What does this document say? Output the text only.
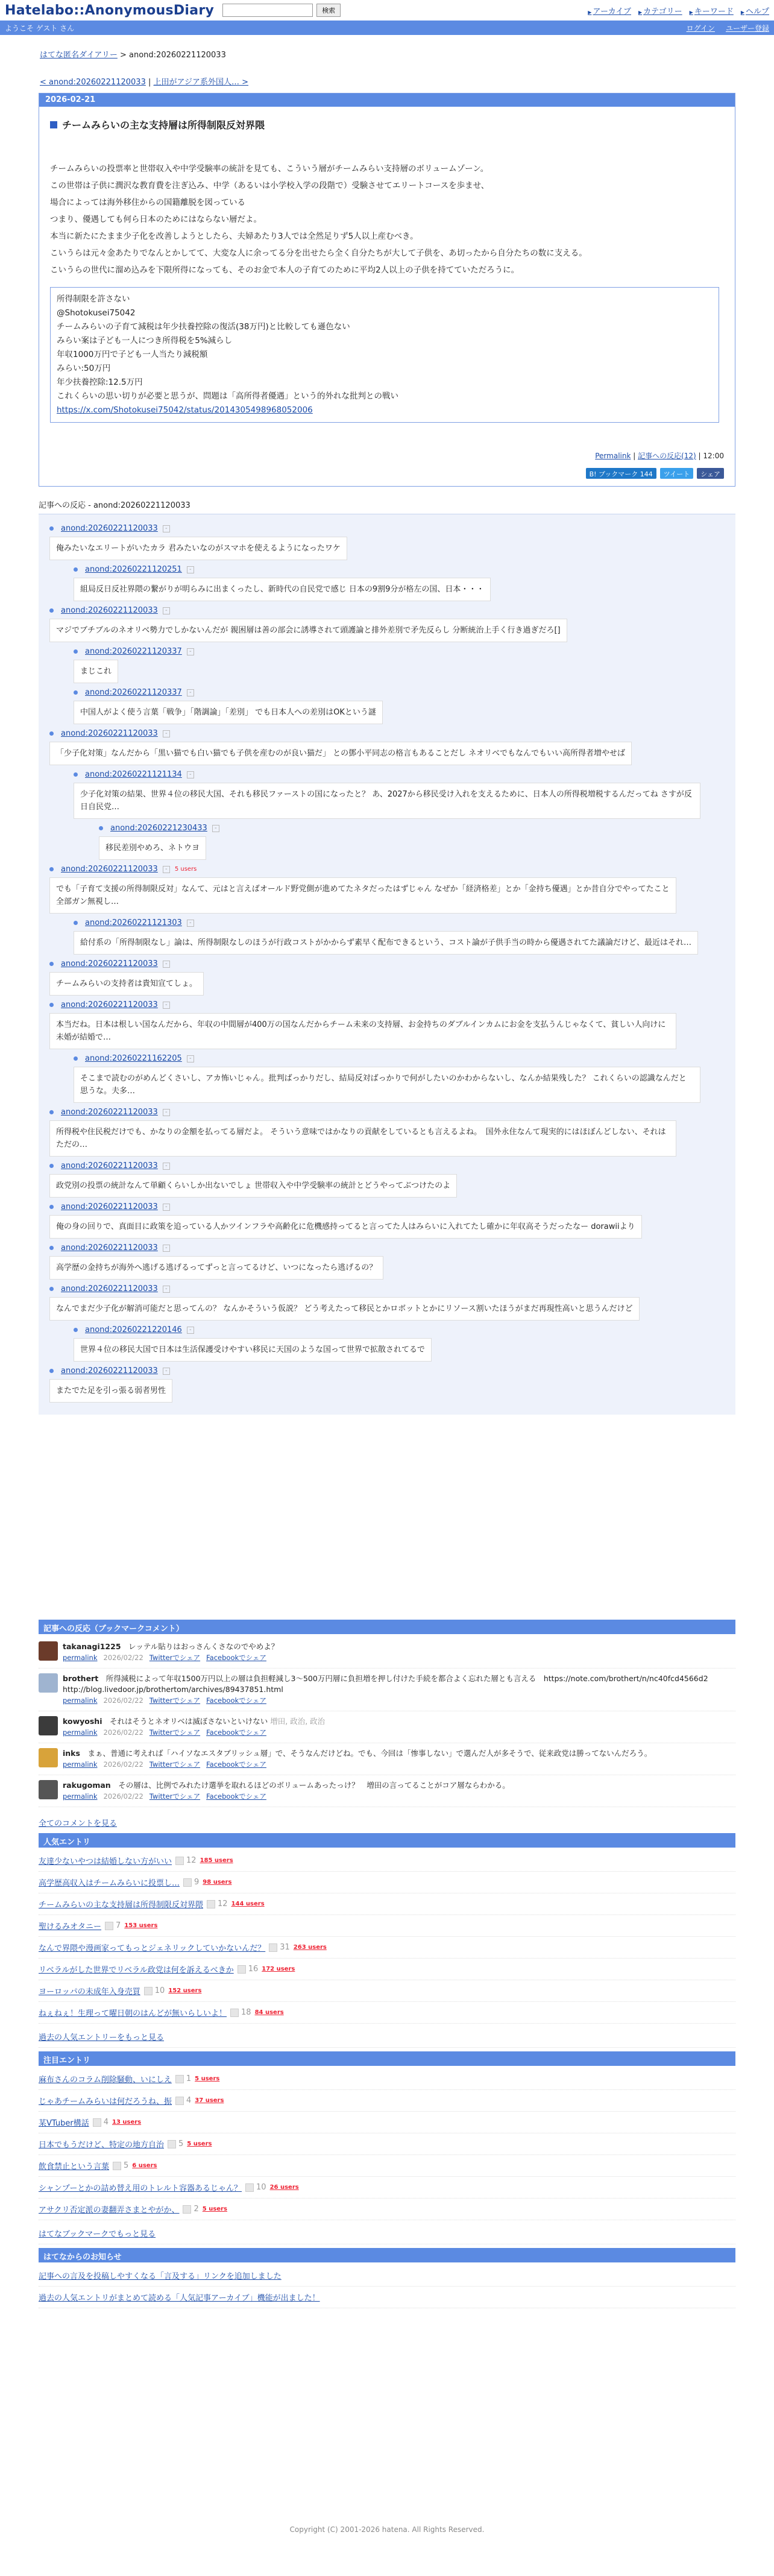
Hatelabo::AnonymousDiary	検索	▶ アーカイブ	▶ カテゴリー	▶ キーワード	▶ ヘルプ
ようこそ ゲスト さん	ログイン ユーザー登録
はてな匿名ダイアリー > anond:20260221120033
< anond:20260221120033 | 上田がアジア系外国人… >
2026-02-21
チームみらいの主な支持層は所得制限反対界隈

チームみらいの投票率と世帯収入や中学受験率の統計を見ても、こういう層がチームみらい支持層のボリュームゾーン。

この世帯は子供に潤沢な教育費を注ぎ込み、中学（あるいは小学校入学の段階で）受験させてエリートコースを歩ませ、

場合によっては海外移住からの国籍離脱を図っている

つまり、優遇しても何ら日本のためにはならない層だよ。

本当に新たにたまま少子化を改善しようとしたら、夫婦あたり3人では全然足りず5人以上産むべき。

こいうらは元々金あたりでなんとかしてて、大変な人に余ってる分を出せたら全く自分たちが大して子供を、あ切ったから自分たちの数に支える。

こいうらの世代に溜め込みを下限所得になっても、そのお金で本人の子育てのために平均2人以上の子供を持てていただろうに。

所得制限を許さない
@Shotokusei75042
チームみらいの子育て減税は年少扶養控除の復活(38万円)と比較しても遜色ない
みらい案は子ども一人につき所得税を5%減らし
年収1000万円で子ども一人当たり減税額
みらい:50万円
年少扶養控除:12.5万円
これくらいの思い切りが必要と思うが、問題は「高所得者優遇」という的外れな批判との戦い
https://x.com/Shotokusei75042/status/2014305498968052006
Permalink | 記事への反応(12) | 12:00
B! ブックマーク 144	ツイート	シェア
記事への反応 - anond:20260221120033
anond:20260221120033	-
俺みたいなエリートがいたカラ 君みたいなのがスマホを使えるようになったワケ
anond:20260221120251	-
組局反日反社界隈の繋がりが明らみに出まくったし、新時代の自民党で感じ 日本の9割9分が格左の国、日本・・・
anond:20260221120033	-
マジでブチブルのネオリベ勢力でしかないんだが 親困層は善の部会に誘導されて頭護論と排外差別で矛先反らし 分断統治上手く行き過ぎだろ[]
anond:20260221120337	-
まじこれ
anond:20260221120337	-
中国人がよく使う言葉「戦争」「階調論」「差別」 でも日本人への差別はOKという謎
anond:20260221120033	-
「少子化対策」なんだから「黒い猫でも白い猫でも子供を産むのが良い猫だ」 との鄧小平同志の格言もあることだし ネオリベでもなんでもいい高所得者増やせば
anond:20260221121134	-
少子化対策の結果、世界４位の移民大国、それも移民ファーストの国になったと？ あ、2027から移民受け入れを支えるために、日本人の所得税増税するんだってね さすが反日自民党…
anond:20260221230433	-
移民差別やめろ、ネトウヨ
anond:20260221120033	-	5 users
でも「子育て支援の所得制限反対」なんて、元はと言えばオールド野党側が進めてたネタだったはずじゃん なぜか「経済格差」とか「金持ち優遇」とか昔自分でやってたこと全部ガン無視し…
anond:20260221121303	-
給付系の「所得制限なし」論は、所得制限なしのほうが行政コストがかからず素早く配布できるという、コスト論が子供手当の時から優遇されてた議論だけど、最近はそれ…
anond:20260221120033	-
チームみらいの支持者は貴知宣てしょ。
anond:20260221120033	-
本当だね。日本は根しい国なんだから、年収の中間層が400万の国なんだからチーム未来の支持層、お金持ちのダブルインカムにお金を支払うんじゃなくて、貧しい人向けに未婚が結婚で…
anond:20260221162205	-
そこまで読むのがめんどくさいし、アカ怖いじゃん。批判ばっかりだし、結局反対ばっかりで何がしたいのかわからないし、なんか結果残した？ これくらいの認識なんだと思うな。夫多…
anond:20260221120033	-
所得税や住民税だけでも、かなりの金額を払ってる層だよ。 そういう意味ではかなりの貢献をしているとも言えるよね。　国外永住なんて現実的にはほぼんどしない、それはただの…
anond:20260221120033	-
政党別の投票の統計なんて単顧くらいしか出ないでしょ 世帯収入や中学受験率の統計とどうやってぶつけたのよ
anond:20260221120033	-
俺の身の回りで、真面目に政策を追っている人かツインフラや高齢化に危機感持ってると言ってた人はみらいに入れてたし確かに年収高そうだったなー dorawiiより
anond:20260221120033	-
高学歴の金持ちが海外へ逃げる逃げるってずっと言ってるけど、いつになったら逃げるの？
anond:20260221120033	-
なんでまだ少子化が解消可能だと思ってんの？ なんかそういう仮説？ どう考えたって移民とかロボットとかにリソース割いたほうがまだ再現性高いと思うんだけど
anond:20260221220146	-
世界４位の移民大国で日本は生活保護受けやすい移民に天国のような国って世界で拡散されてるで
anond:20260221120033	-
またでた足を引っ張る弱者男性
記事への反応（ブックマークコメント）
takanagi1225　 レッテル貼りはおっさんくさなのでやめよ？
permalink 2026/02/22 Twitterでシェア Facebookでシェア
brothert　 所得減税によって年収1500万円以上の層は負担軽減し3〜500万円層に負担増を押し付けた手続を都合よく忘れた層とも言える　https://note.com/brothert/n/nc40fcd4566d2　http://blog.livedoor.jp/brothertom/archives/89437851.html
permalink 2026/02/22 Twitterでシェア Facebookでシェア
kowyoshi　 それはそうとネオリベは滅ぼさないといけない 増田, 政治, 政治
permalink 2026/02/22 Twitterでシェア Facebookでシェア
inks　 まぁ、普通に考えれば「ハイソなエスタブリッシュ層」で、そうなんだけどね。でも、今回は「惨事しない」で選んだ人が多そうで、従来政党は勝ってないんだろう。
permalink 2026/02/22 Twitterでシェア Facebookでシェア
rakugoman　 その層は、比例でみれたけ選挙を取れるほどのボリュームあったっけ？　増田の言ってることがコア層ならわかる。
permalink 2026/02/22 Twitterでシェア Facebookでシェア
全てのコメントを見る
人気エントリ
友達少ないやつは結婚しない方がいい 12 185 users
高学歴高収入はチームみらいに投票し… 9 98 users
チームみらいの主な支持層は所得制限反対界隈 12 144 users
聖けるみオタニー 7 153 users
なんで界隈や漫画家ってもっとジェネリックしていかないんだ？ 31 263 users
リベラルがした世界でリベラル政党は何を訴えるべきか 16 172 users
ヨーロッパの未成年入身売買 10 152 users
ねぇねぇ！生理って曜日朝のはんどが無いらしいよ！ 18 84 users
過去の人気エントリーをもっと見る
注目エントリ
麻布さんのコラム削除騒動、いにしえ 1 5 users
じゃあチームみらいは何だろうね、振 4 37 users
某VTuber構話 4 13 users
日本でもうだけど、特定の地方自治 5 5 users
飲食禁止という言葉 5 6 users
シャンプーとかの詰め替え用のトレルト容器あるじゃん？ 10 26 users
アサクリ否定派の妻翻弄さまとやがか、 2 5 users
はてなブックマークでもっと見る
はてなからのお知らせ
記事への言及を投稿しやすくなる「言及する」リンクを追加しました
過去の人気エントリがまとめて読める「人気記事アーカイブ」機能が出ました！
Copyright (C) 2001-2026 hatena. All Rights Reserved.
